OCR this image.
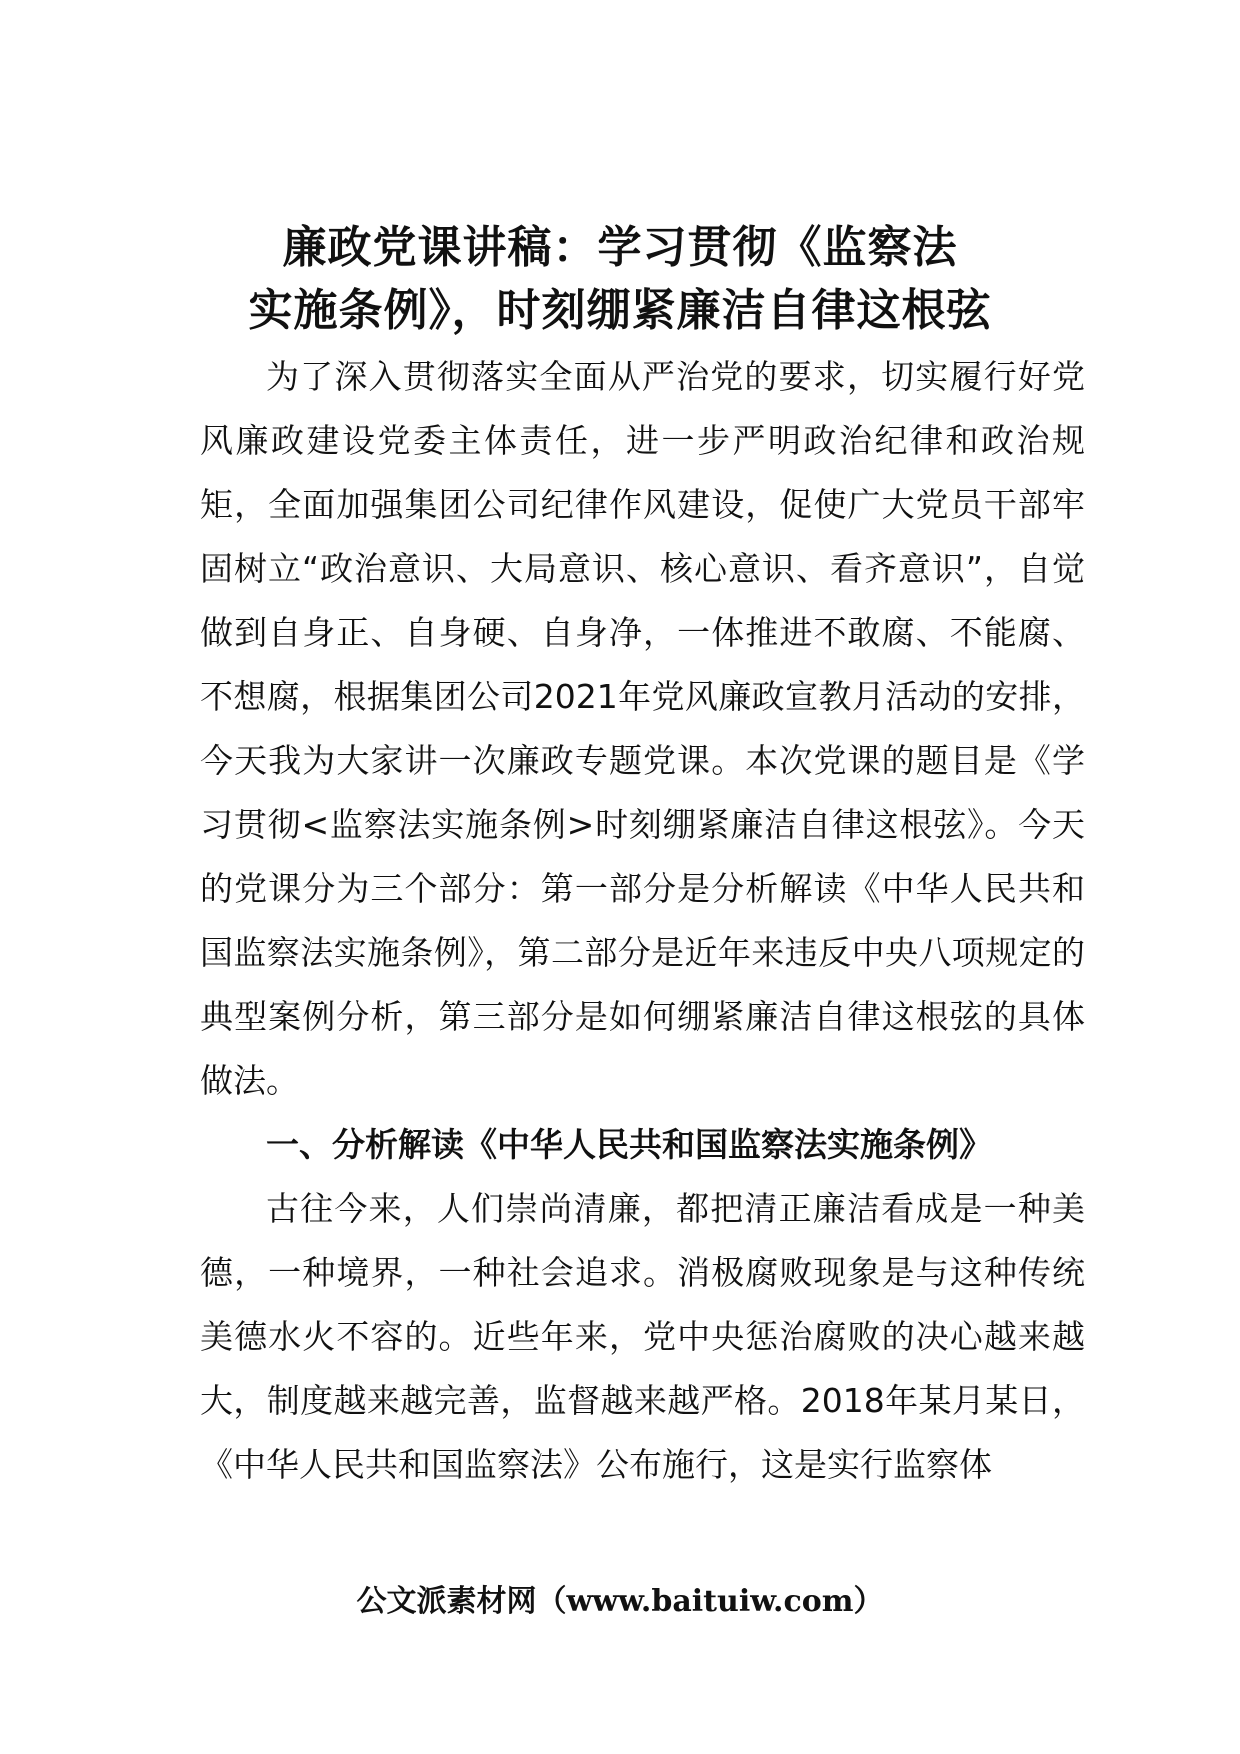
廉政党课讲稿：学习贯彻《监察法
实施条例》，时刻绷紧廉洁自律这根弦

为了深入贯彻落实全面从严治党的要求，切实履行好党风廉政建设党委主体责任，进一步严明政治纪律和政治规矩，全面加强集团公司纪律作风建设，促使广大党员干部牢固树立“政治意识、大局意识、核心意识、看齐意识”，自觉做到自身正、自身硬、自身净，一体推进不敢腐、不能腐、不想腐，根据集团公司2021年党风廉政宣教月活动的安排，今天我为大家讲一次廉政专题党课。本次党课的题目是《学习贯彻<监察法实施条例>时刻绷紧廉洁自律这根弦》。今天的党课分为三个部分：第一部分是分析解读《中华人民共和国监察法实施条例》，第二部分是近年来违反中央八项规定的典型案例分析，第三部分是如何绷紧廉洁自律这根弦的具体做法。

一、分析解读《中华人民共和国监察法实施条例》

古往今来，人们崇尚清廉，都把清正廉洁看成是一种美德，一种境界，一种社会追求。消极腐败现象是与这种传统美德水火不容的。近些年来，党中央惩治腐败的决心越来越大，制度越来越完善，监督越来越严格。2018年某月某日，《中华人民共和国监察法》公布施行，这是实行监察体

公文派素材网（www.baituiw.com）
